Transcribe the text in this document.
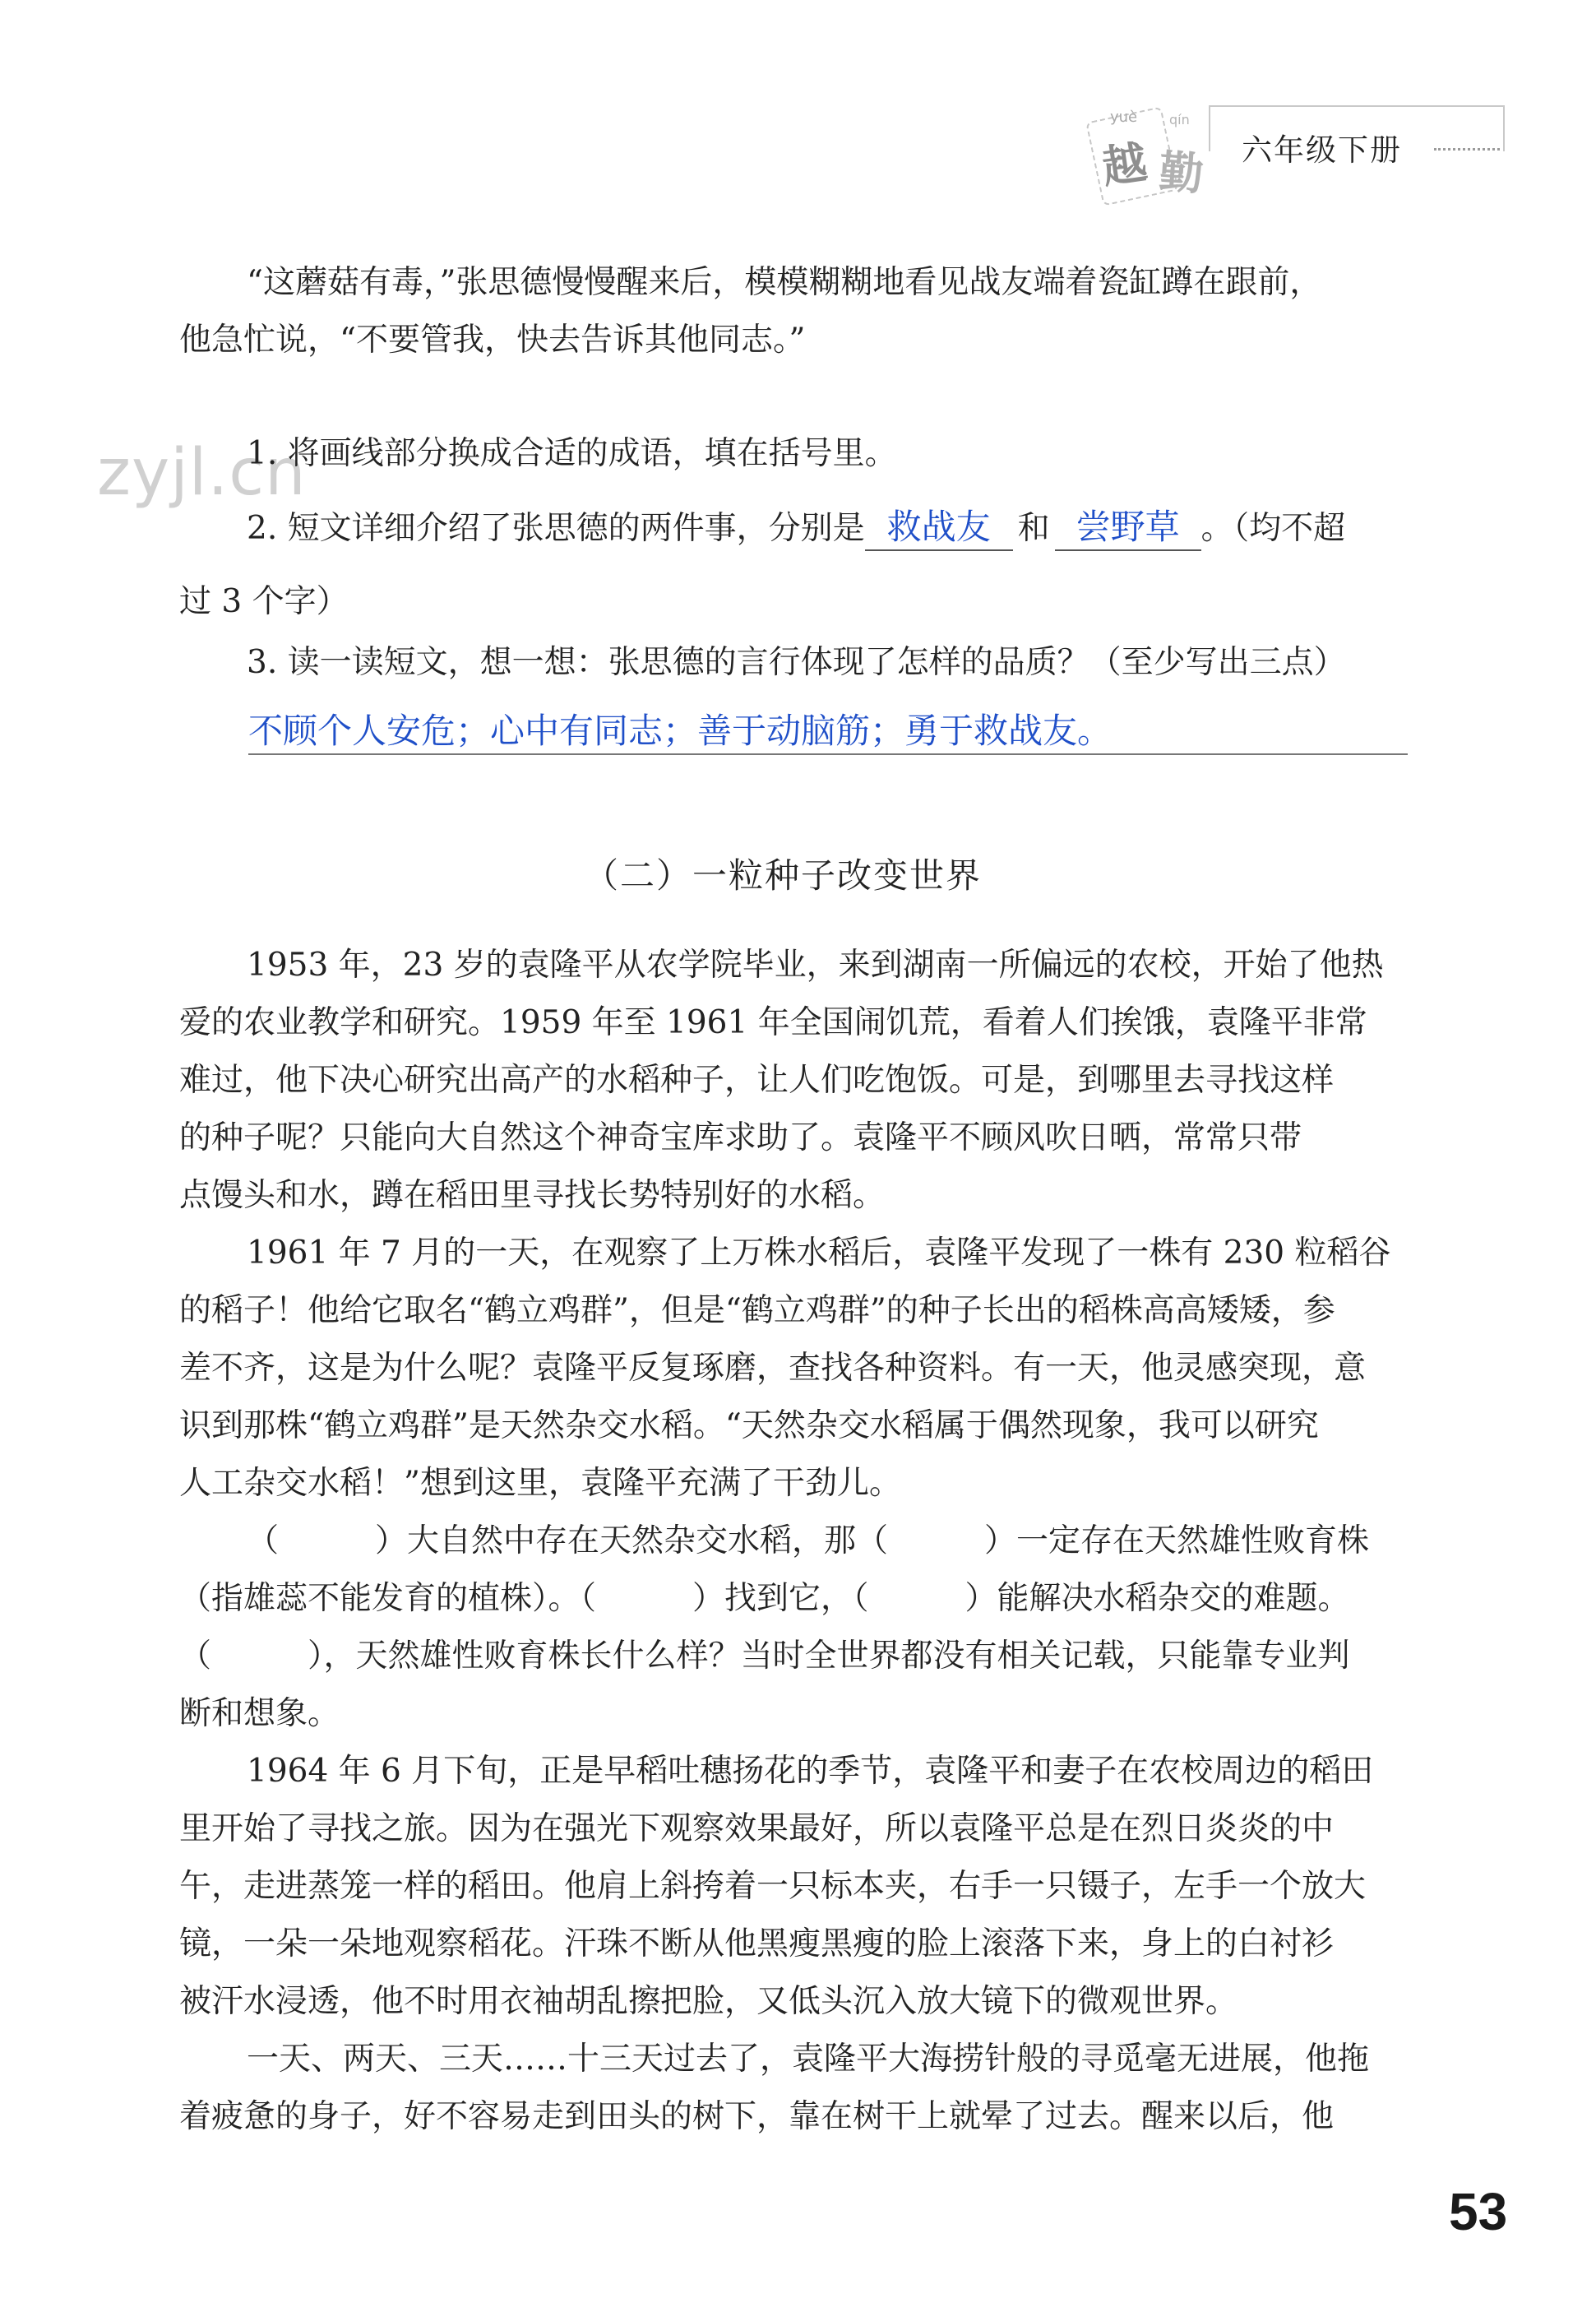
yuè
越
qín
勤 六年级下册
zyjl.cn
“这蘑菇有毒，”张思德慢慢醒来后，模模糊糊地看见战友端着瓷缸蹲在跟前，
他急忙说，“不要管我，快去告诉其他同志。”
1. 将画线部分换成合适的成语，填在括号里。
2. 短文详细介绍了张思德的两件事，分别是 救战友 和 尝野草 。（均不超
过 3 个字）
3. 读一读短文，想一想：张思德的言行体现了怎样的品质？（至少写出三点）
不顾个人安危；心中有同志；善于动脑筋；勇于救战友。
（二）一粒种子改变世界
1953 年，23 岁的袁隆平从农学院毕业，来到湖南一所偏远的农校，开始了他热
爱的农业教学和研究。1959 年至 1961 年全国闹饥荒，看着人们挨饿，袁隆平非常
难过，他下决心研究出高产的水稻种子，让人们吃饱饭。可是，到哪里去寻找这样
的种子呢？只能向大自然这个神奇宝库求助了。袁隆平不顾风吹日晒，常常只带
点馒头和水，蹲在稻田里寻找长势特别好的水稻。
1961 年 7 月的一天，在观察了上万株水稻后，袁隆平发现了一株有 230 粒稻谷
的稻子！他给它取名“鹤立鸡群”，但是“鹤立鸡群”的种子长出的稻株高高矮矮，参
差不齐，这是为什么呢？袁隆平反复琢磨，查找各种资料。有一天，他灵感突现，意
识到那株“鹤立鸡群”是天然杂交水稻。“天然杂交水稻属于偶然现象，我可以研究
人工杂交水稻！”想到这里，袁隆平充满了干劲儿。
（　　　）大自然中存在天然杂交水稻，那（　　　）一定存在天然雄性败育株
（指雄蕊不能发育的植株）。（　　　）找到它，（　　　）能解决水稻杂交的难题。
（　　　），天然雄性败育株长什么样？当时全世界都没有相关记载，只能靠专业判
断和想象。
1964 年 6 月下旬，正是早稻吐穗扬花的季节，袁隆平和妻子在农校周边的稻田
里开始了寻找之旅。因为在强光下观察效果最好，所以袁隆平总是在烈日炎炎的中
午，走进蒸笼一样的稻田。他肩上斜挎着一只标本夹，右手一只镊子，左手一个放大
镜，一朵一朵地观察稻花。汗珠不断从他黑瘦黑瘦的脸上滚落下来，身上的白衬衫
被汗水浸透，他不时用衣袖胡乱擦把脸，又低头沉入放大镜下的微观世界。
一天、两天、三天……十三天过去了，袁隆平大海捞针般的寻觅毫无进展，他拖
着疲惫的身子，好不容易走到田头的树下，靠在树干上就晕了过去。醒来以后，他
53
